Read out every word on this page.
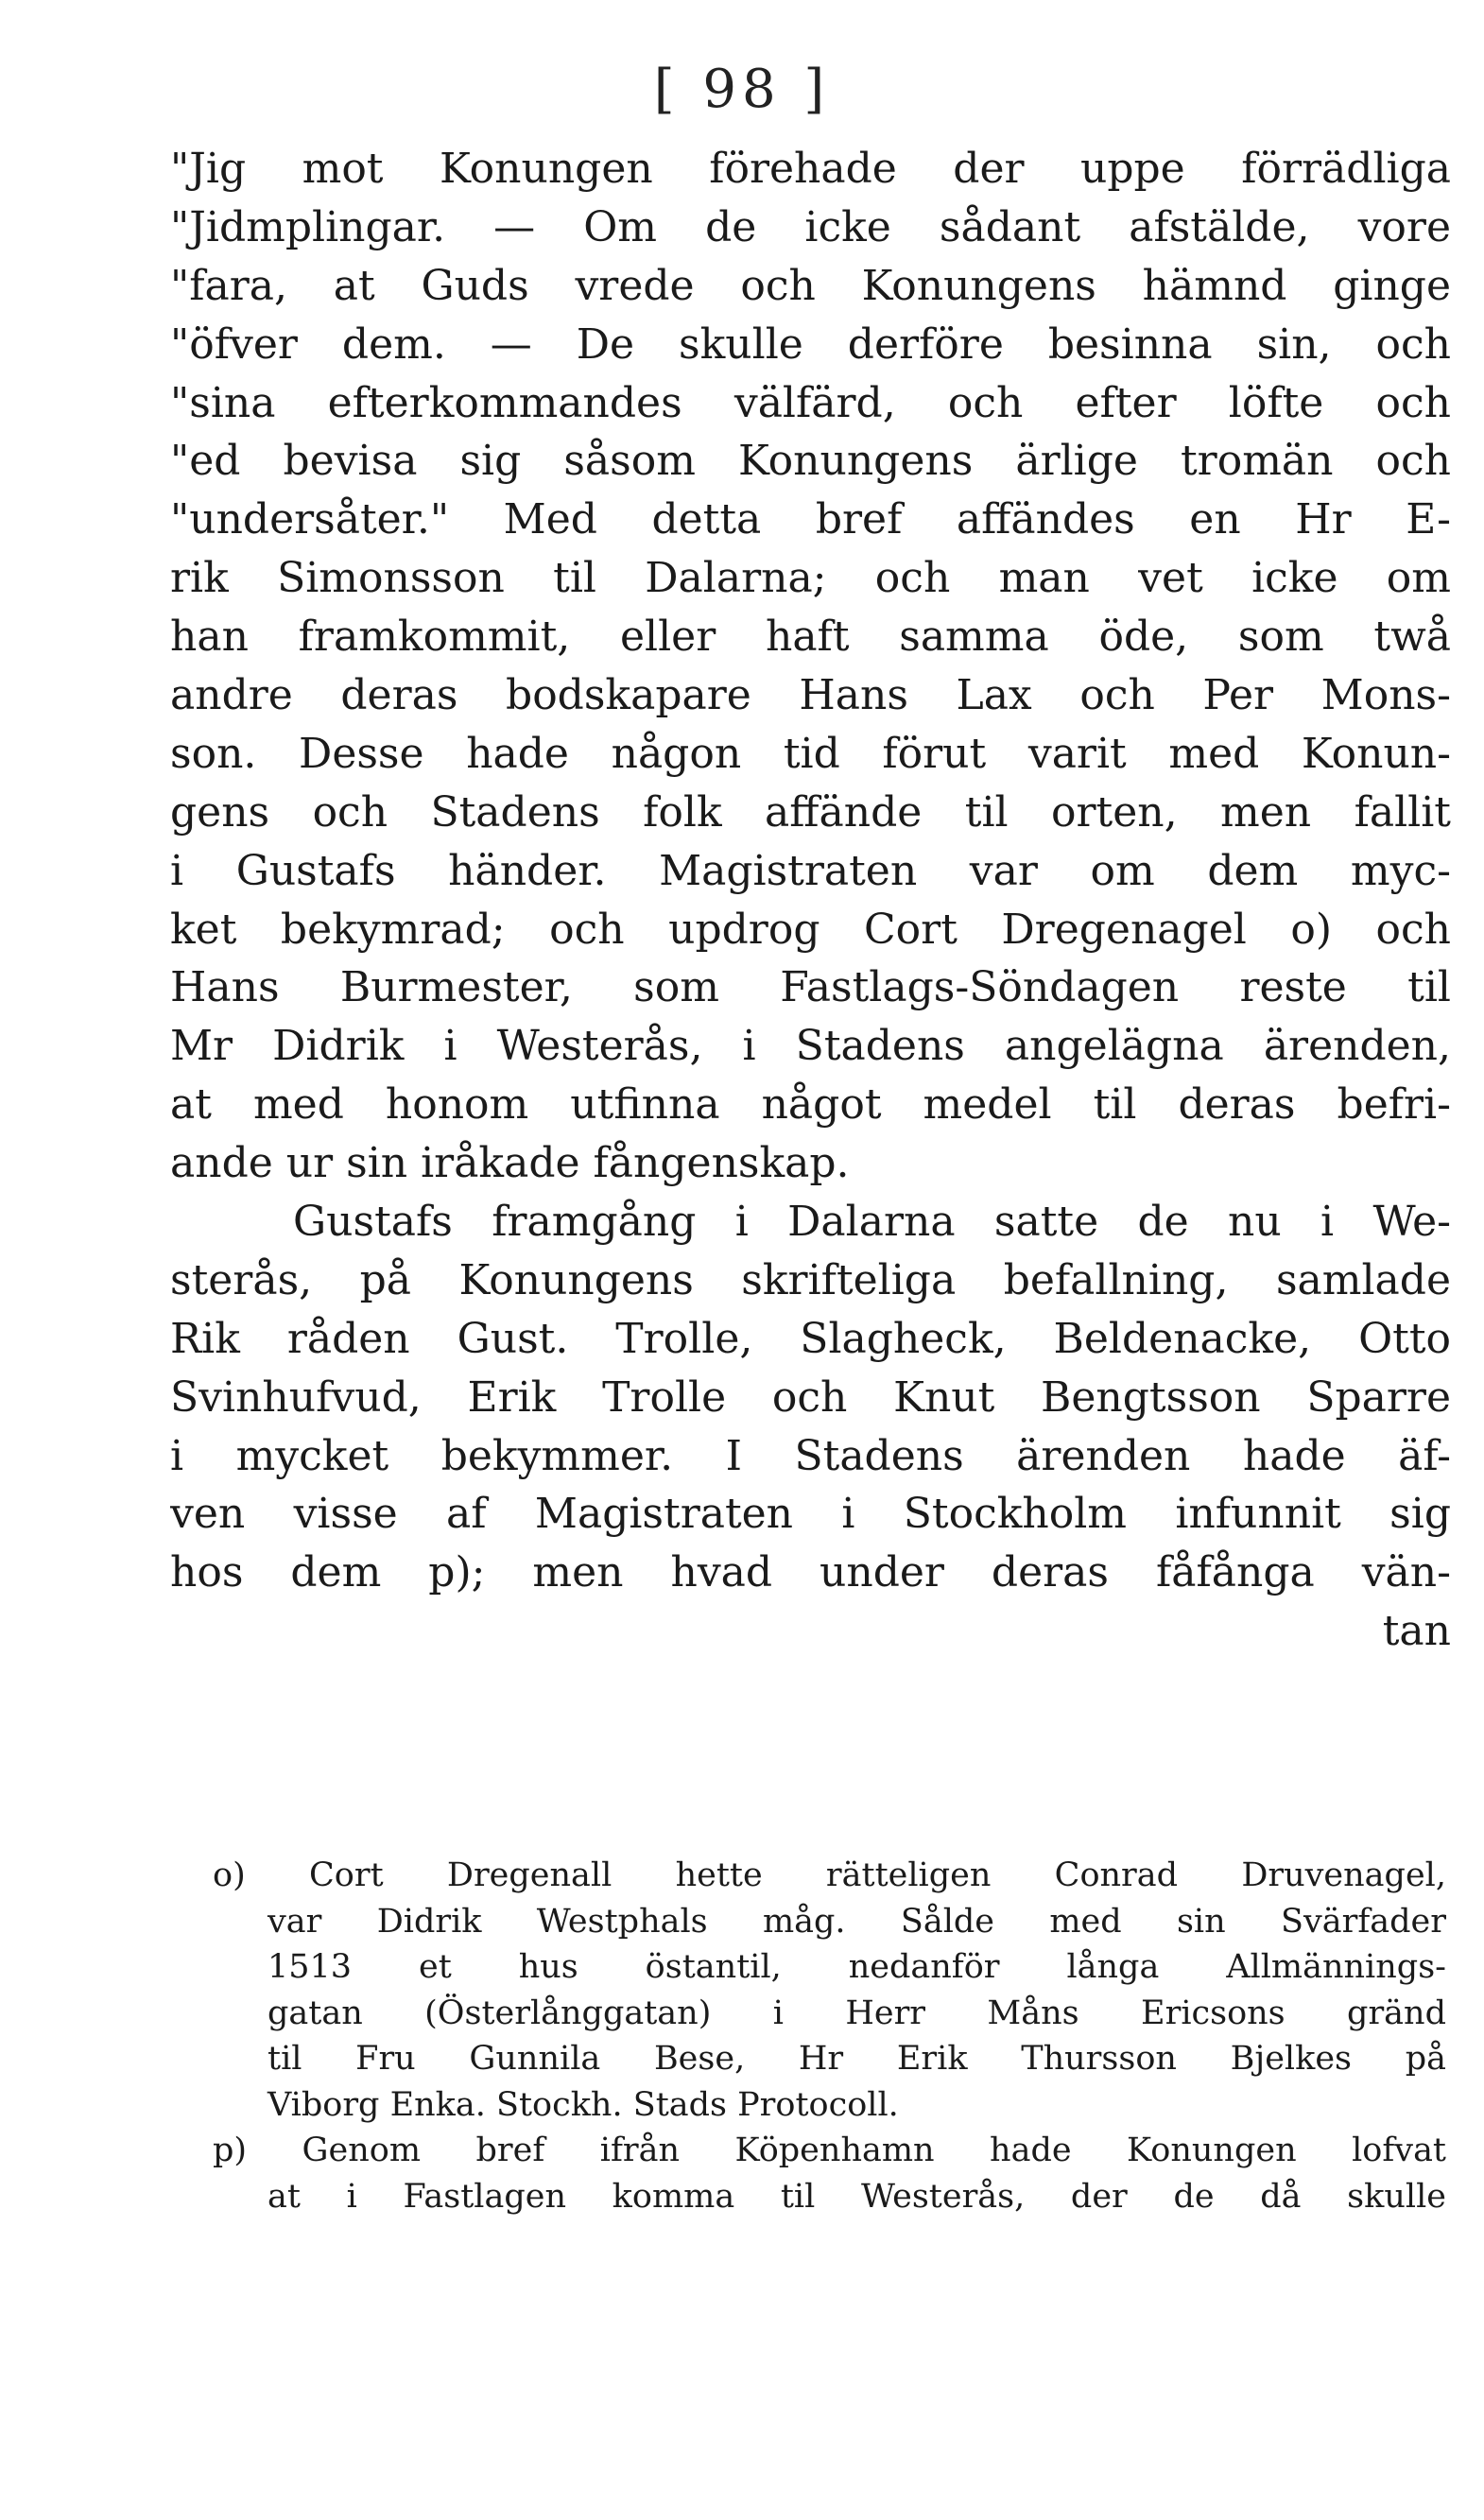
[ 98 ]
"Jig mot Konungen förehade der uppe förrädliga
"Jidmplingar. — Om de icke sådant afstälde, vore
"fara, at Guds vrede och Konungens hämnd ginge
"öfver dem. — De skulle derföre besinna sin, och
"sina efterkommandes välfärd, och efter löfte och
"ed bevisa sig såsom Konungens ärlige tromän och
"undersåter." Med detta bref affändes en Hr E-
rik Simonsson til Dalarna; och man vet icke om
han framkommit, eller haft samma öde, som twå
andre deras bodskapare Hans Lax och Per Mons-
son. Desse hade någon tid förut varit med Konun-
gens och Stadens folk affände til orten, men fallit
i Gustafs händer. Magistraten var om dem myc-
ket bekymrad; och updrog Cort Dregenagel o) och
Hans Burmester, som Fastlags-Söndagen reste til
Mr Didrik i Westerås, i Stadens angelägna ärenden,
at med honom utfinna något medel til deras befri-
ande ur sin iråkade fångenskap.
Gustafs framgång i Dalarna satte de nu i We-
sterås, på Konungens skrifteliga befallning, samlade
Rik råden Gust. Trolle, Slagheck, Beldenacke, Otto
Svinhufvud, Erik Trolle och Knut Bengtsson Sparre
i mycket bekymmer. I Stadens ärenden hade äf-
ven visse af Magistraten i Stockholm infunnit sig
hos dem p); men hvad under deras fåfånga vän-
tan
o) Cort Dregenall hette rätteligen Conrad Druvenagel,
var Didrik Westphals måg. Sålde med sin Svärfader
1513 et hus östantil, nedanför långa Allmännings-
gatan (Österlånggatan) i Herr Måns Ericsons gränd
til Fru Gunnila Bese, Hr Erik Thursson Bjelkes på
Viborg Enka. Stockh. Stads Protocoll.
p) Genom bref ifrån Köpenhamn hade Konungen lofvat
at i Fastlagen komma til Westerås, der de då skulle
